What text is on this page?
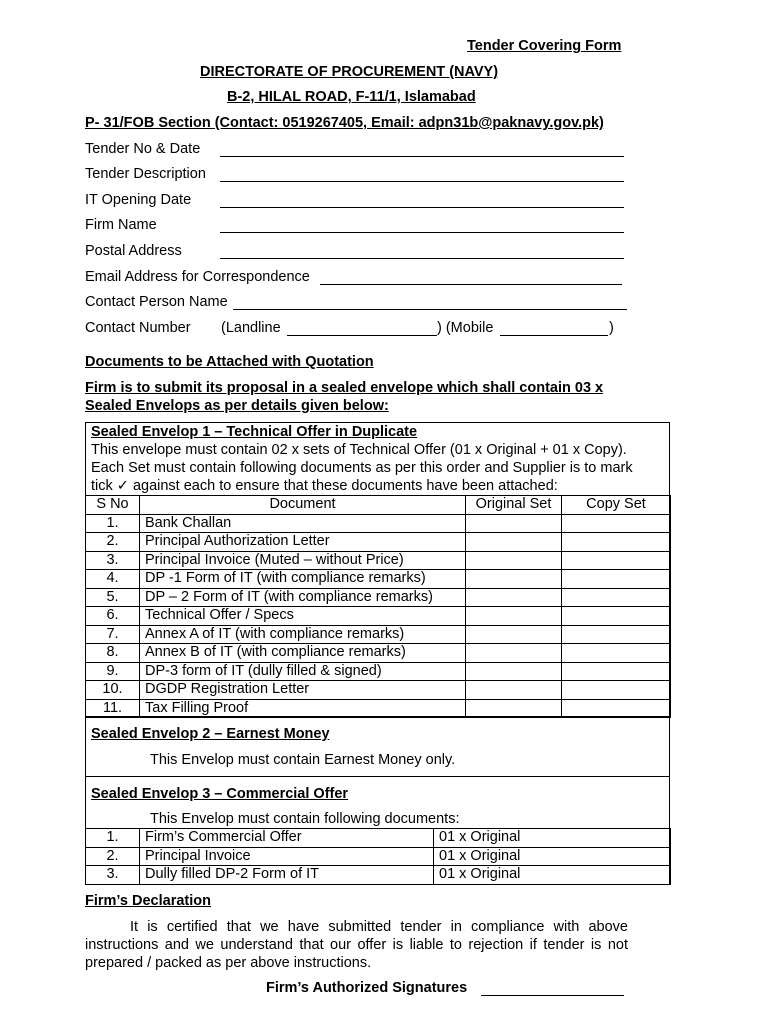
Tender Covering Form
DIRECTORATE OF PROCUREMENT (NAVY)
B-2, HILAL ROAD, F-11/1, Islamabad
P- 31/FOB Section (Contact: 0519267405, Email: adpn31b@paknavy.gov.pk)
Tender No & Date
Tender Description
IT Opening Date
Firm Name
Postal Address
Email Address for Correspondence
Contact Person Name
Contact Number (Landline	) (Mobile	)
Documents to be Attached with Quotation
Firm is to submit its proposal in a sealed envelope which shall contain 03 x
Sealed Envelops as per details given below:
Sealed Envelop 1 – Technical Offer in Duplicate
This envelope must contain 02 x sets of Technical Offer (01 x Original + 01 x Copy).
Each Set must contain following documents as per this order and Supplier is to mark
tick ✓ against each to ensure that these documents have been attached:
S No	Document	Original Set	Copy Set
1.	Bank Challan		
2.	Principal Authorization Letter		
3.	Principal Invoice (Muted – without Price)		
4.	DP -1 Form of IT (with compliance remarks)		
5.	DP – 2 Form of IT (with compliance remarks)		
6.	Technical Offer / Specs		
7.	Annex A of IT (with compliance remarks)		
8.	Annex B of IT (with compliance remarks)		
9.	DP-3 form of IT (dully filled & signed)		
10.	DGDP Registration Letter		
11.	Tax Filling Proof		
Sealed Envelop 2 – Earnest Money
This Envelop must contain Earnest Money only.
Sealed Envelop 3 – Commercial Offer
This Envelop must contain following documents:
1.	Firm’s Commercial Offer	01 x Original
2.	Principal Invoice	01 x Original
3.	Dully filled DP-2 Form of IT	01 x Original
Firm’s Declaration
It is certified that we have submitted tender in compliance with above
instructions and we understand that our offer is liable to rejection if tender is not
prepared / packed as per above instructions.
Firm’s Authorized Signatures
